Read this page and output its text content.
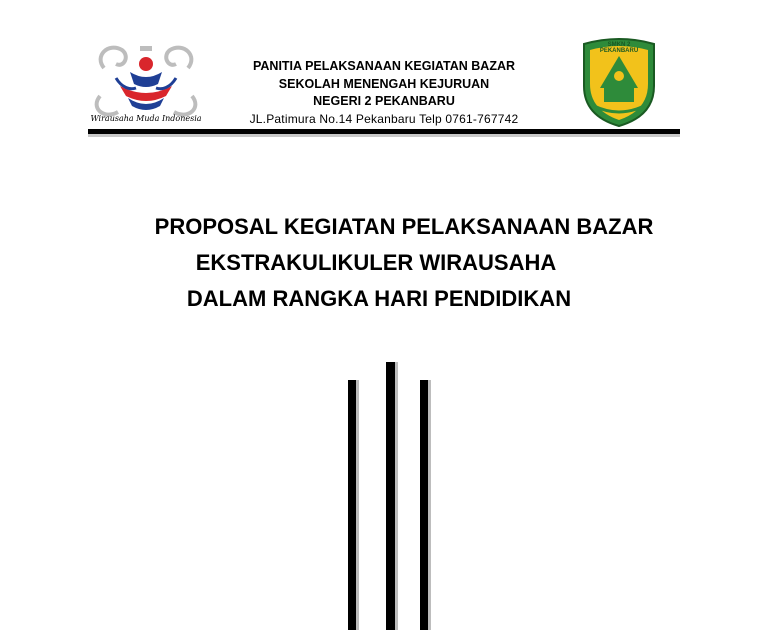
Wirausaha Muda Indonesia
PANITIA PELAKSANAAN KEGIATAN BAZAR
SEKOLAH MENENGAH KEJURUAN
NEGERI 2 PEKANBARU
JL.Patimura No.14 Pekanbaru Telp 0761-767742
SMKN 2 PEKANBARU
PROPOSAL KEGIATAN PELAKSANAAN BAZAR
EKSTRAKULIKULER WIRAUSAHA
DALAM RANGKA HARI PENDIDIKAN
